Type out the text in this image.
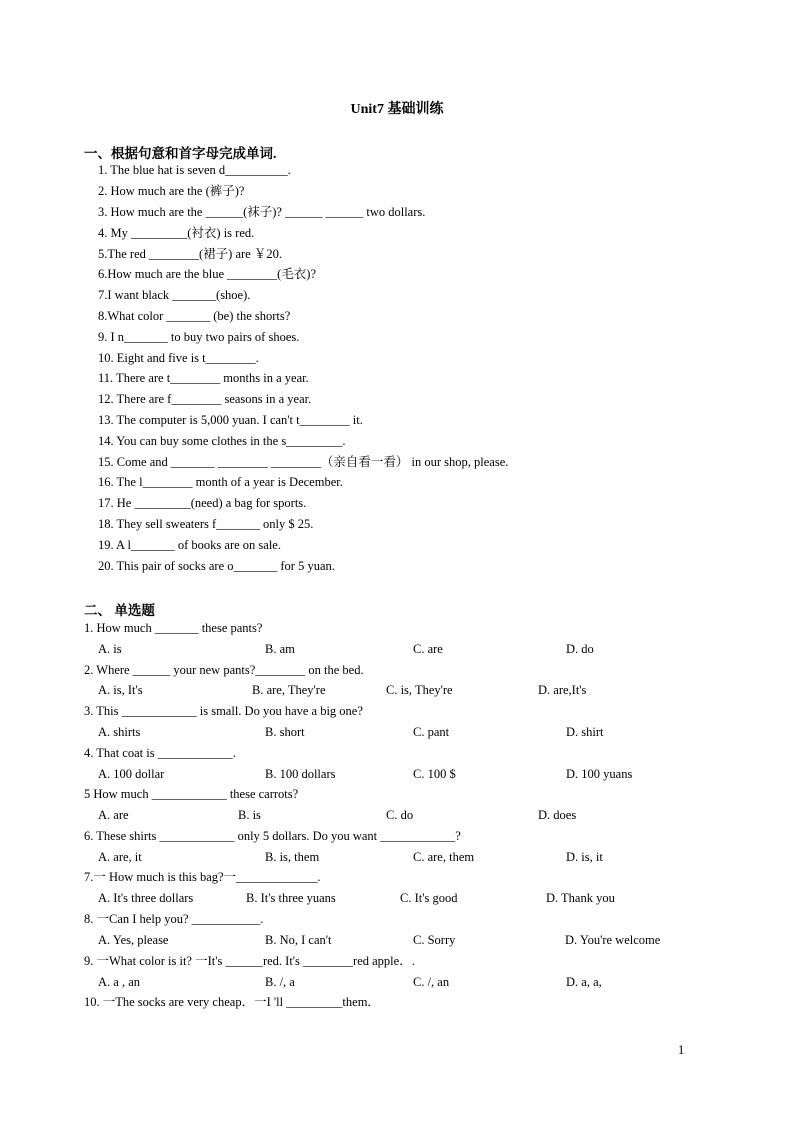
Unit7 基础训练
一、根据句意和首字母完成单词.
1. The blue hat is seven d__________.
2. How much are the (裤子)?
3. How much are the ______(袜子)? ______ ______ two dollars.
4. My _________(衬衣) is red.
5.The red ________(裙子) are ￥20.
6.How much are the blue ________(毛衣)?
7.I want black _______(shoe).
8.What color _______ (be) the shorts?
9. I n_______ to buy two pairs of shoes.
10. Eight and five is t________.
11. There are t________ months in a year.
12. There are f________ seasons in a year.
13. The computer is 5,000 yuan. I can't t________ it.
14. You can buy some clothes in the s_________.
15. Come and _______ ________ ________（亲自看一看） in our shop, please.
16. The l________ month of a year is December.
17. He _________(need) a bag for sports.
18. They sell sweaters f_______ only $ 25.
19. A l_______ of books are on sale.
20. This pair of socks are o_______ for 5 yuan.
二、 单选题
1. How much _______ these pants?
A. is	B. am	C. are	D. do
2. Where ______ your new pants?________ on the bed.
A. is, It's	B. are, They're	C. is, They're	D. are,It's
3. This ____________ is small. Do you have a big one?
A. shirts	B. short	C. pant	D. shirt
4. That coat is ____________.
A. 100 dollar	B. 100 dollars	C. 100 $	D. 100 yuans
5 How much ____________ these carrots?
A. are	B. is	C. do	D. does
6. These shirts ____________ only 5 dollars. Do you want ____________?
A. are, it	B. is, them	C. are, them	D. is, it
7.一 How much is this bag?一_____________.
A. It's three dollars	B. It's three yuans	C. It's good	D. Thank you
8. 一Can I help you? ___________.
A. Yes, please	B. No, I can't	C. Sorry	D. You're welcome
9. 一What color is it? 一It's ______red. It's ________red apple．.
A. a , an	B. /, a	C. /, an	D. a, a,
10. 一The socks are very cheap．一I 'll _________them．
1
